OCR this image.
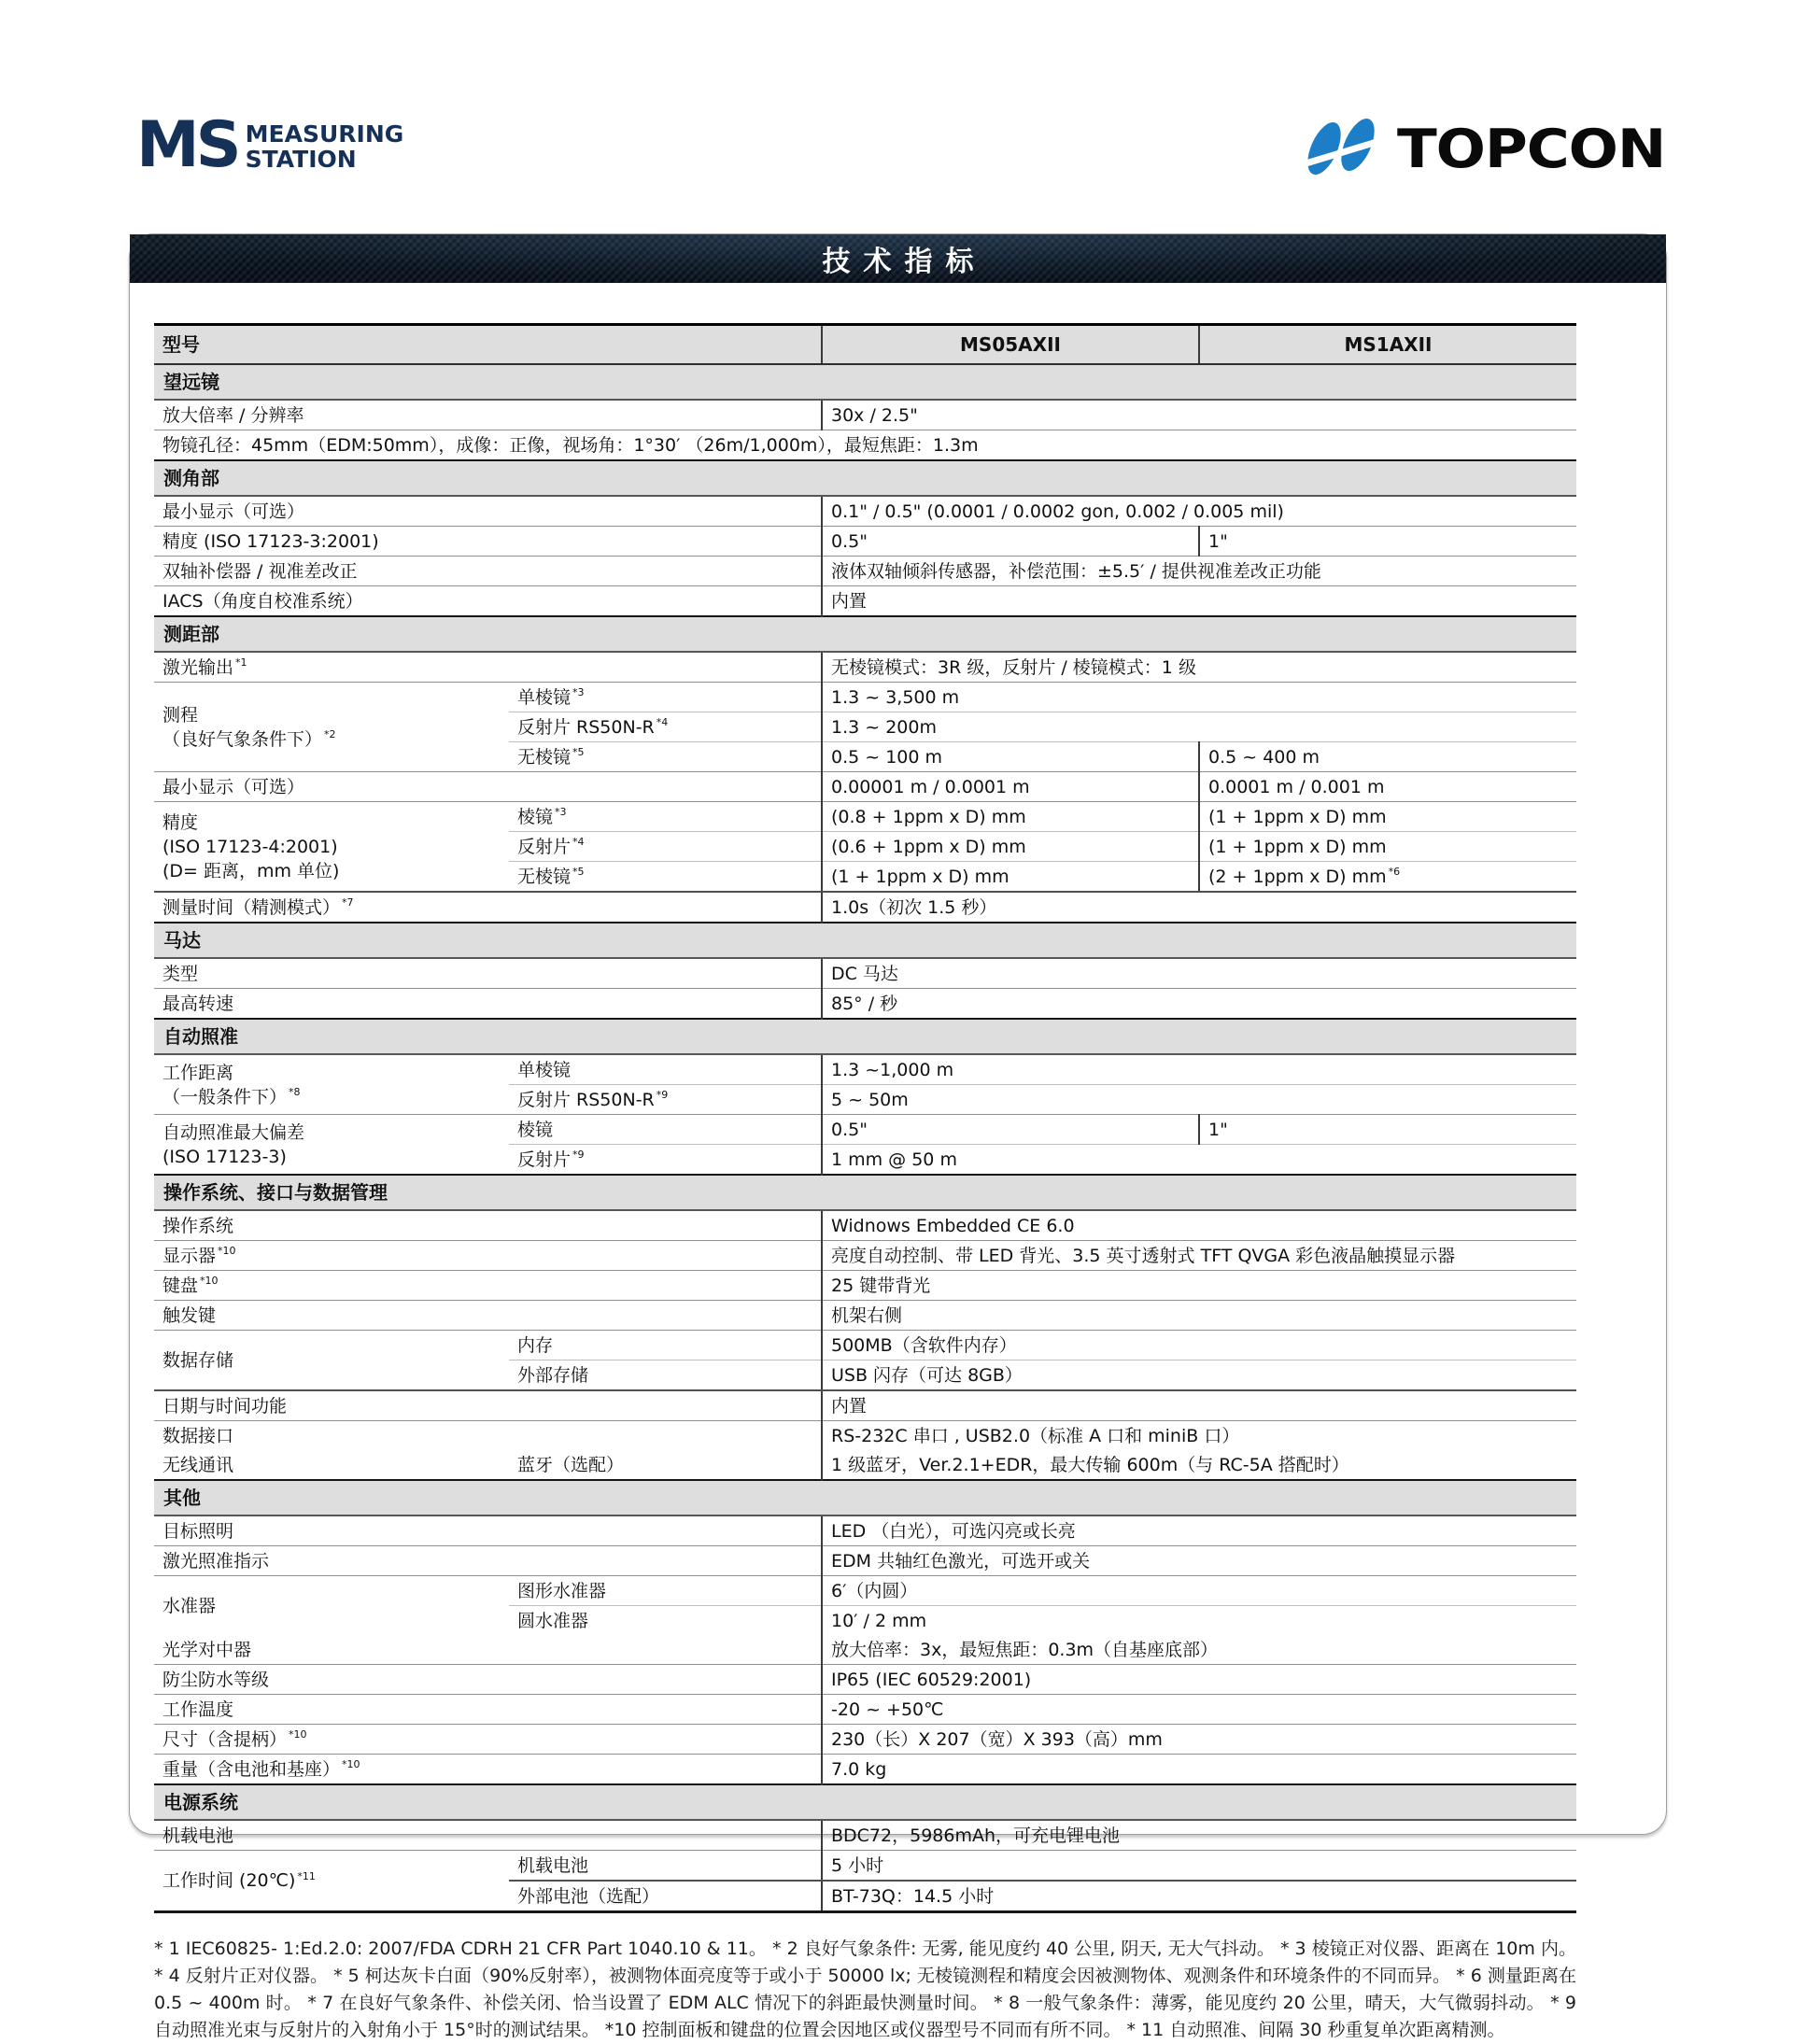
MS MEASURING
STATION	TOPCON
技术指标
型号		MS05AXII	MS1AXII

望远镜			

放大倍率 / 分辨率		30x / 2.5"	

物镜孔径：45mm（EDM:50mm），成像：正像，视场角：1°30′ （26m/1,000m），最短焦距：1.3m			

测角部			

最小显示（可选）		0.1" / 0.5" (0.0001 / 0.0002 gon, 0.002 / 0.005 mil)	

精度 (ISO 17123-3:2001)		0.5"	1"

双轴补偿器 / 视准差改正		液体双轴倾斜传感器，补偿范围：±5.5′ / 提供视准差改正功能	

IACS（角度自校准系统）		内置	

测距部			

激光输出 $^{*1}$		无棱镜模式：3R 级，反射片 / 棱镜模式：1 级	

测程
（良好气象条件下） $^{*2}$	单棱镜 $^{*3}$	1.3 ~ 3,500 m	

	反射片 RS50N-R $^{*4}$	1.3 ~ 200m	

	无棱镜 $^{*5}$	0.5 ~ 100 m	0.5 ~ 400 m

最小显示（可选）		0.00001 m / 0.0001 m	0.0001 m / 0.001 m

精度
(ISO 17123-4:2001)
(D= 距离，mm 单位)	棱镜 $^{*3}$	(0.8 + 1ppm x D) mm	(1 + 1ppm x D) mm

	反射片 $^{*4}$	(0.6 + 1ppm x D) mm	(1 + 1ppm x D) mm

	无棱镜 $^{*5}$	(1 + 1ppm x D) mm	(2 + 1ppm x D) mm $^{*6}$

测量时间（精测模式） $^{*7}$		1.0s（初次 1.5 秒）	

马达			

类型		DC 马达	

最高转速		85° / 秒	

自动照准			

工作距离
（一般条件下） $^{*8}$	单棱镜	1.3 ~1,000 m	

	反射片 RS50N-R $^{*9}$	5 ~ 50m	

自动照准最大偏差
(ISO 17123-3)	棱镜	0.5"	1"

	反射片 $^{*9}$	1 mm @ 50 m	

操作系统、接口与数据管理			

操作系统		Widnows Embedded CE 6.0	

显示器 $^{*10}$		亮度自动控制、带 LED 背光、3.5 英寸透射式 TFT QVGA 彩色液晶触摸显示器	

键盘 $^{*10}$		25 键带背光	

触发键		机架右侧	

数据存储	内存	500MB（含软件内存）	

	外部存储	USB 闪存（可达 8GB）	

日期与时间功能		内置	

数据接口		RS-232C 串口 , USB2.0（标准 A 口和 miniB 口）	

无线通讯	蓝牙（选配）	1 级蓝牙，Ver.2.1+EDR，最大传输 600m（与 RC-5A 搭配时）	

其他			

目标照明		LED （白光），可选闪亮或长亮	

激光照准指示		EDM 共轴红色激光，可选开或关	

水准器	图形水准器	6′（内圆）	

	圆水准器	10′ / 2 mm	

光学对中器		放大倍率：3x，最短焦距：0.3m（自基座底部）	

防尘防水等级		IP65 (IEC 60529:2001)	

工作温度		-20 ~ +50℃	

尺寸（含提柄） $^{*10}$		230（长）X 207（宽）X 393（高）mm	

重量（含电池和基座） $^{*10}$		7.0 kg	

电源系统			

机载电池		BDC72，5986mAh，可充电锂电池	

工作时间 (20℃) $^{*11}$	机载电池	5 小时	

	外部电池（选配）	BT-73Q：14.5 小时	
* 1 IEC60825- 1:Ed.2.0: 2007/FDA CDRH 21 CFR Part 1040.10 & 11。 * 2 良好气象条件: 无雾, 能见度约 40 公里, 阴天, 无大气抖动。 * 3 棱镜正对仪器、距离在 10m 内。 * 4 反射片正对仪器。 * 5 柯达灰卡白面（90%反射率），被测物体面亮度等于或小于 50000 lx; 无棱镜测程和精度会因被测物体、观测条件和环境条件的不同而异。 * 6 测量距离在 0.5 ~ 400m 时。 * 7 在良好气象条件、补偿关闭、恰当设置了 EDM ALC 情况下的斜距最快测量时间。 * 8 一般气象条件：薄雾，能见度约 20 公里，晴天，大气微弱抖动。 * 9 自动照准光束与反射片的入射角小于 15°时的测试结果。 *10 控制面板和键盘的位置会因地区或仪器型号不同而有所不同。 * 11 自动照准、间隔 30 秒重复单次距离精测。
